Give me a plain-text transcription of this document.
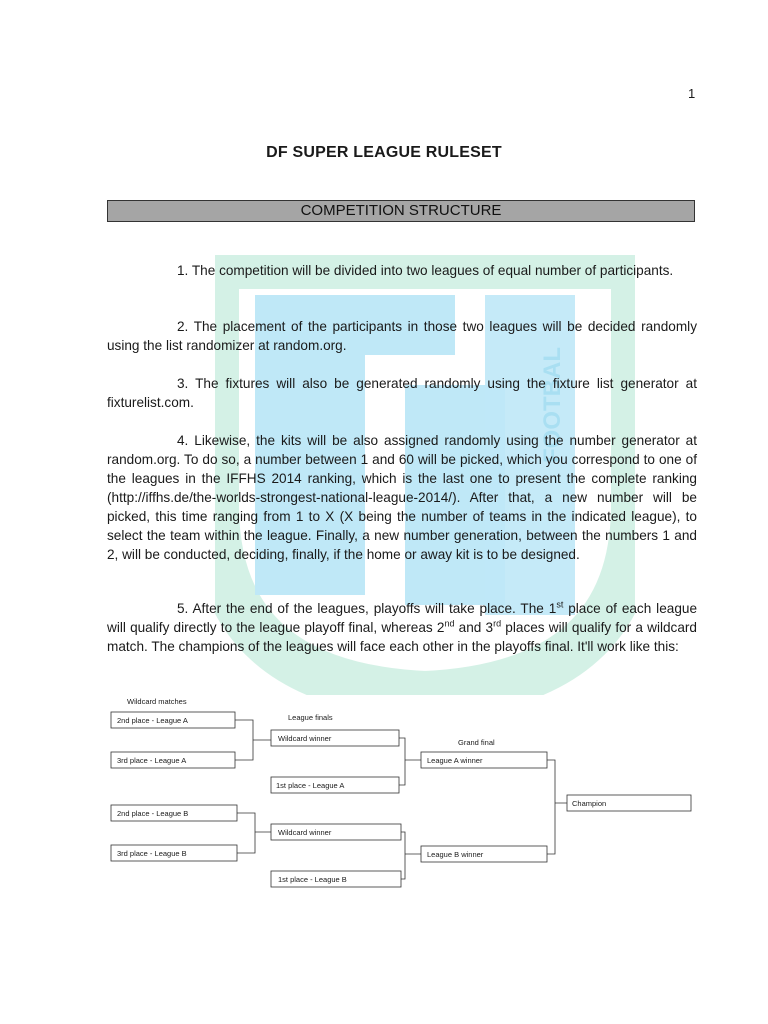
FOOTBAL
1
DF SUPER LEAGUE RULESET
COMPETITION STRUCTURE

1. The competition will be divided into two leagues of equal number of participants.

2. The placement of the participants in those two leagues will be decided randomly using the list randomizer at random.org.

3. The fixtures will also be generated randomly using the fixture list generator at fixturelist.com.

4. Likewise, the kits will be also assigned randomly using the number generator at random.org. To do so, a number between 1 and 60 will be picked, which you correspond to one of the leagues in the IFFHS 2014 ranking, which is the last one to present the complete ranking (http://iffhs.de/the-worlds-strongest-national-league-2014/). After that, a new number will be picked, this time ranging from 1 to X (X being the number of teams in the indicated league), to select the team within the league. Finally, a new number generation, between the numbers 1 and 2, will be conducted, deciding, finally, if the home or away kit is to be designed.

5. After the end of the leagues, playoffs will take place. The 1st place of each league will qualify directly to the league playoff final, whereas 2nd and 3rd places will qualify for a wildcard match. The champions of the leagues will face each other in the playoffs final. It'll work like this:

Wildcard matches
League finals
Grand final
2nd place - League A
3rd place - League A
2nd place - League B
3rd place - League B
Wildcard winner
1st place - League A
Wildcard winner
1st place - League B
League A winner
League B winner
Champion
